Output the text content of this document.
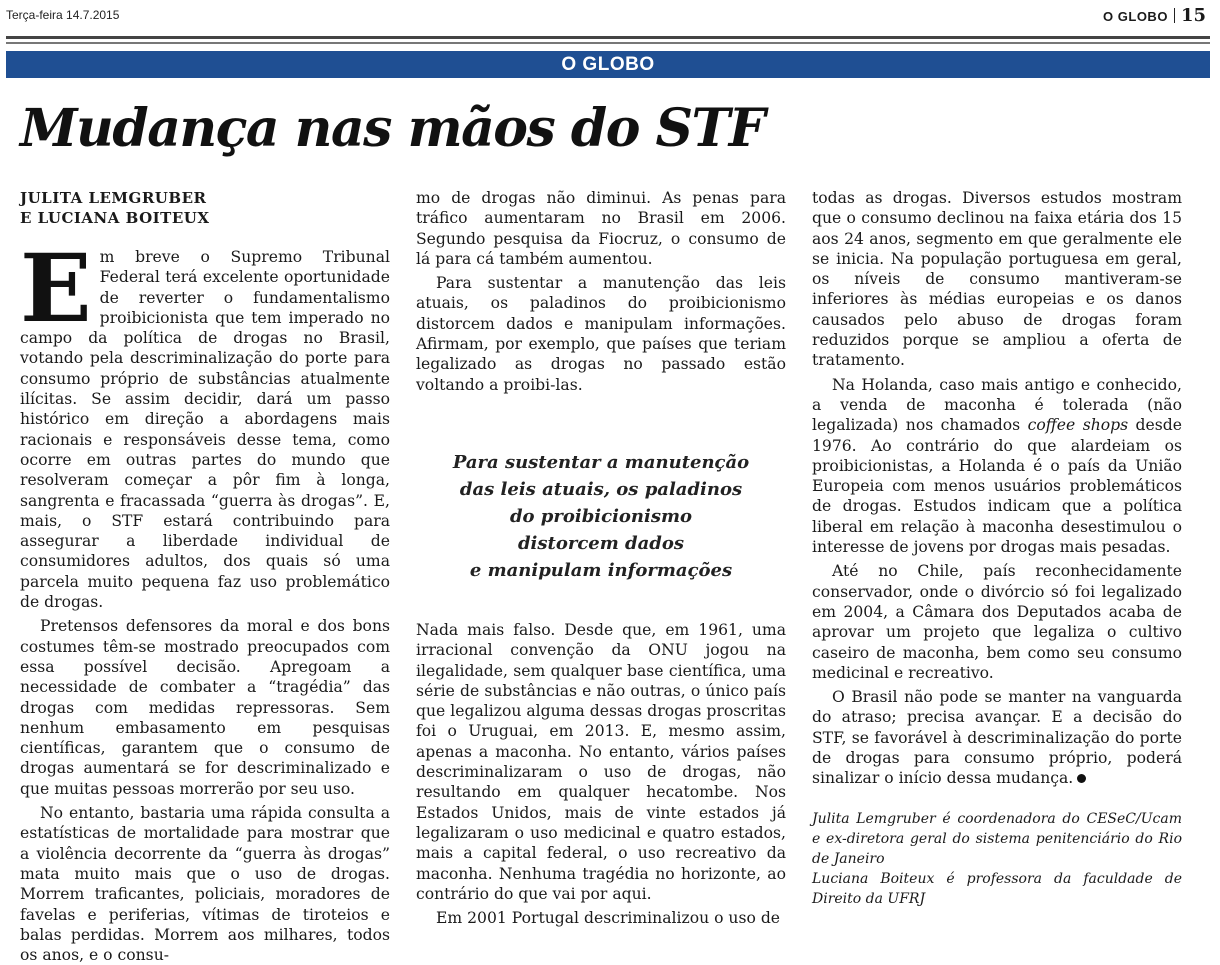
Terça-feira 14.7.2015	O GLOBO 15
O GLOBO
Mudança nas mãos do STF
JULITA LEMGRUBER
E LUCIANA BOITEUX

Em breve o Supremo Tribunal Federal terá excelente oportunidade de reverter o fundamentalismo proibicionista que tem imperado no campo da política de drogas no Brasil, votando pela descriminalização do porte para consumo próprio de substâncias atualmente ilícitas. Se assim decidir, dará um passo histórico em direção a abordagens mais racionais e responsáveis desse tema, como ocorre em outras partes do mundo que resolveram começar a pôr fim à longa, sangrenta e fracassada “guerra às drogas”. E, mais, o STF estará contribuindo para assegurar a liberdade individual de consumidores adultos, dos quais só uma parcela muito pequena faz uso problemático de drogas.

Pretensos defensores da moral e dos bons costumes têm-se mostrado preocupados com essa possível decisão. Apregoam a necessidade de combater a “tragédia” das drogas com medidas repressoras. Sem nenhum embasamento em pesquisas científicas, garantem que o consumo de drogas aumentará se for descriminalizado e que muitas pessoas morrerão por seu uso.

No entanto, bastaria uma rápida consulta a estatísticas de mortalidade para mostrar que a violência decorrente da “guerra às drogas” mata muito mais que o uso de drogas. Morrem traficantes, policiais, moradores de favelas e periferias, vítimas de tiroteios e balas perdidas. Morrem aos milhares, todos os anos, e o consu-

mo de drogas não diminui. As penas para tráfico aumentaram no Brasil em 2006. Segundo pesquisa da Fiocruz, o consumo de lá para cá também aumentou.

Para sustentar a manutenção das leis atuais, os paladinos do proibicionismo distorcem dados e manipulam informações. Afirmam, por exemplo, que países que teriam legalizado as drogas no passado estão voltando a proibi-las.

Para sustentar a manutenção
das leis atuais, os paladinos
do proibicionismo
distorcem dados
e manipulam informações

Nada mais falso. Desde que, em 1961, uma irracional convenção da ONU jogou na ilegalidade, sem qualquer base científica, uma série de substâncias e não outras, o único país que legalizou alguma dessas drogas proscritas foi o Uruguai, em 2013. E, mesmo assim, apenas a maconha. No entanto, vários países descriminalizaram o uso de drogas, não resultando em qualquer hecatombe. Nos Estados Unidos, mais de vinte estados já legalizaram o uso medicinal e quatro estados, mais a capital federal, o uso recreativo da maconha. Nenhuma tragédia no horizonte, ao contrário do que vai por aqui.

Em 2001 Portugal descriminalizou o uso de

todas as drogas. Diversos estudos mostram que o consumo declinou na faixa etária dos 15 aos 24 anos, segmento em que geralmente ele se inicia. Na população portuguesa em geral, os níveis de consumo mantiveram-se inferiores às médias europeias e os danos causados pelo abuso de drogas foram reduzidos porque se ampliou a oferta de tratamento.

Na Holanda, caso mais antigo e conhecido, a venda de maconha é tolerada (não legalizada) nos chamados coffee shops desde 1976. Ao contrário do que alardeiam os proibicionistas, a Holanda é o país da União Europeia com menos usuários problemáticos de drogas. Estudos indicam que a política liberal em relação à maconha desestimulou o interesse de jovens por drogas mais pesadas.

Até no Chile, país reconhecidamente conservador, onde o divórcio só foi legalizado em 2004, a Câmara dos Deputados acaba de aprovar um projeto que legaliza o cultivo caseiro de maconha, bem como seu consumo medicinal e recreativo.

O Brasil não pode se manter na vanguarda do atraso; precisa avançar. E a decisão do STF, se favorável à descriminalização do porte de drogas para consumo próprio, poderá sinalizar o início dessa mudança.

Julita Lemgruber é coordenadora do CESeC/Ucam e ex-diretora geral do sistema penitenciário do Rio de Janeiro
Luciana Boiteux é professora da faculdade de Direito da UFRJ
